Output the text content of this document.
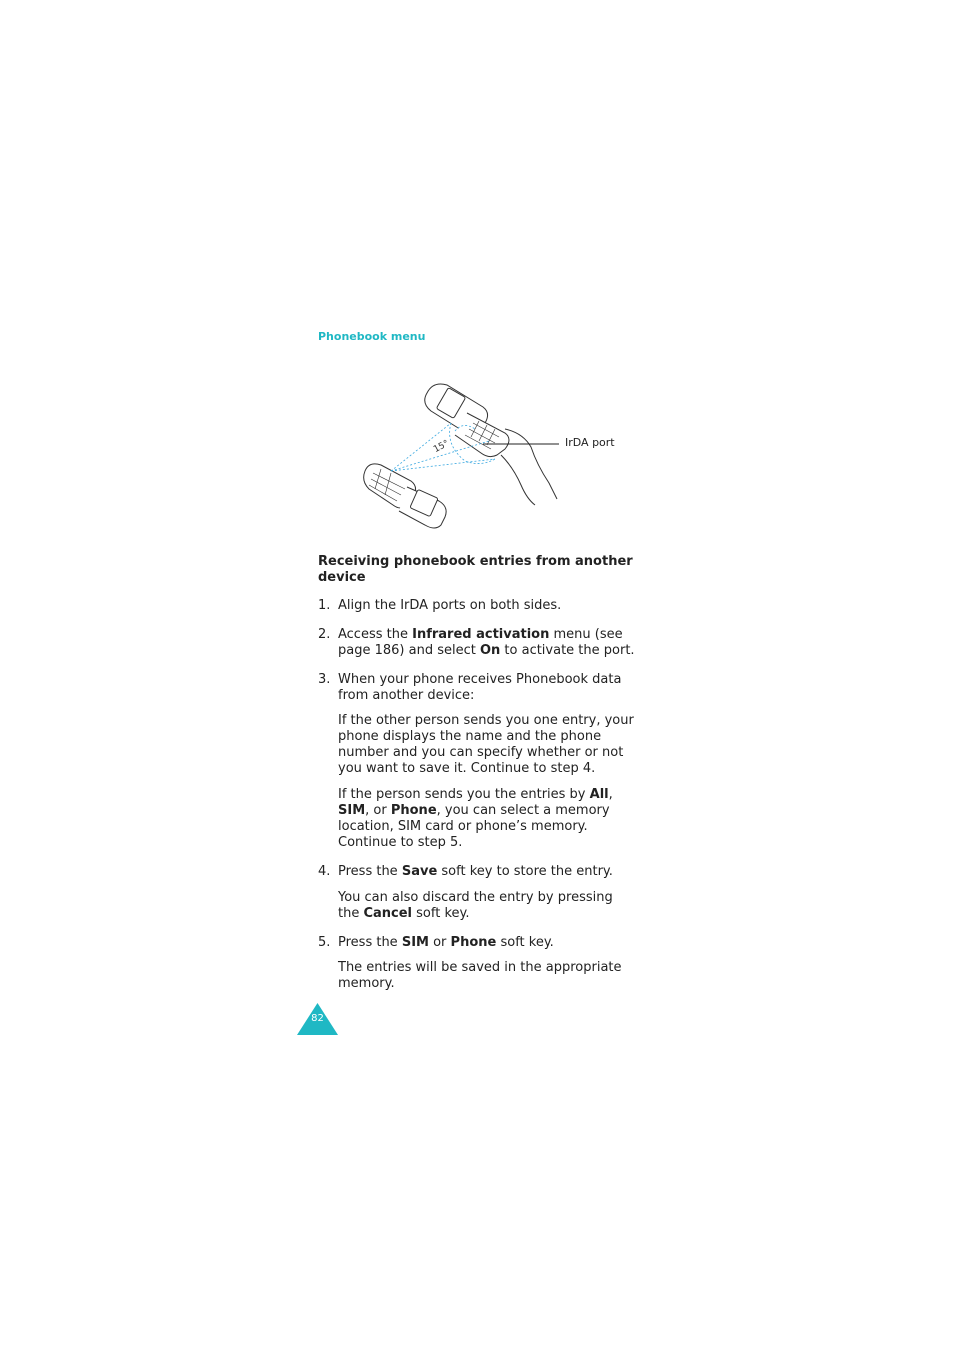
Phonebook menu
15°	IrDA port
Receiving phonebook entries from another device

1. Align the IrDA ports on both sides.

2. Access the Infrared activation menu (see page 186) and select On to activate the port.

3. When your phone receives Phonebook data from another device:

If the other person sends you one entry, your phone displays the name and the phone number and you can specify whether or not you want to save it. Continue to step 4.

If the person sends you the entries by All, SIM, or Phone, you can select a memory location, SIM card or phone’s memory. Continue to step 5.

4. Press the Save soft key to store the entry.

You can also discard the entry by pressing the Cancel soft key.

5. Press the SIM or Phone soft key.

The entries will be saved in the appropriate memory.

82
